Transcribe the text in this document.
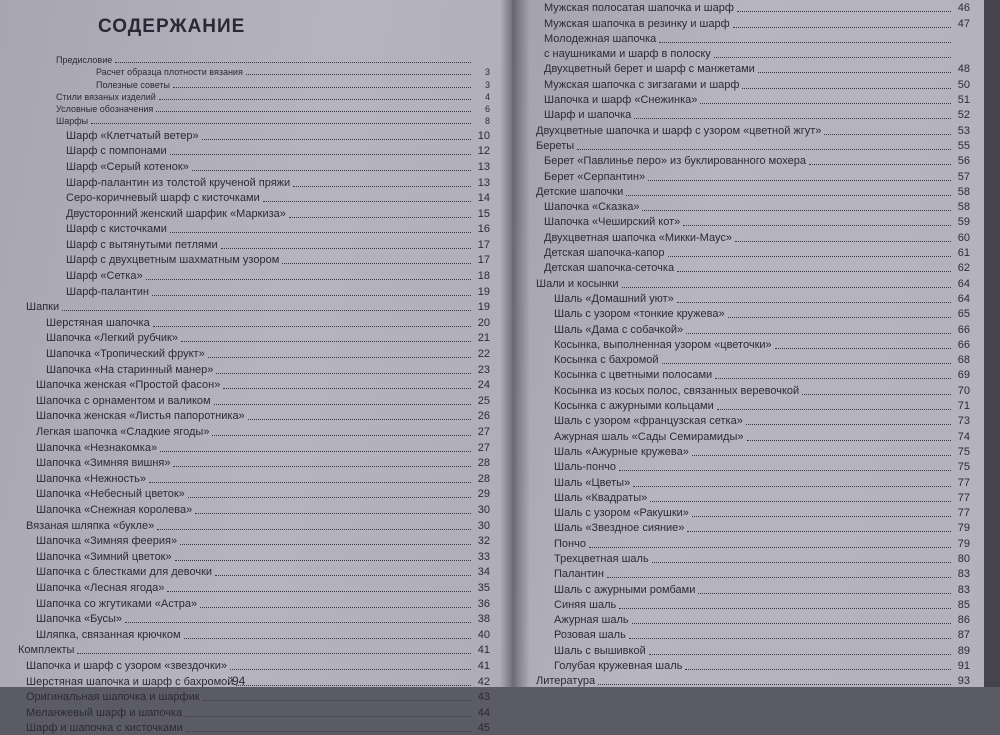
СОДЕРЖАНИЕ
Предисловие
Расчет образца плотности вязания	3
Полезные советы	3
Стили вязаных изделий	4
Условные обозначения	6
Шарфы	8
Шарф «Клетчатый ветер»	10
Шарф с помпонами	12
Шарф «Серый котенок»	13
Шарф-палантин из толстой крученой пряжи	13
Серо-коричневый шарф с кисточками	14
Двусторонний женский шарфик «Маркиза»	15
Шарф с кисточками	16
Шарф с вытянутыми петлями	17
Шарф с двухцветным шахматным узором	17
Шарф «Сетка»	18
Шарф-палантин	19
Шапки	19
Шерстяная шапочка	20
Шапочка «Легкий рубчик»	21
Шапочка «Тропический фрукт»	22
Шапочка «На старинный манер»	23
Шапочка женская «Простой фасон»	24
Шапочка с орнаментом и валиком	25
Шапочка женская «Листья папоротника»	26
Легкая шапочка «Сладкие ягоды»	27
Шапочка «Незнакомка»	27
Шапочка «Зимняя вишня»	28
Шапочка «Нежность»	28
Шапочка «Небесный цветок»	29
Шапочка «Снежная королева»	30
Вязаная шляпка «букле»	30
Шапочка «Зимняя феерия»	32
Шапочка «Зимний цветок»	33
Шапочка с блестками для девочки	34
Шапочка «Лесная ягода»	35
Шапочка со жгутиками «Астра»	36
Шапочка «Бусы»	38
Шляпка, связанная крючком	40
Комплекты	41
Шапочка и шарф с узором «звездочки»	41
Шерстяная шапочка и шарф с бахромой	42
Оригинальная шапочка и шарфик	43
Меланжевый шарф и шапочка	44
Шарф и шапочка с кисточками	45
94
Мужская полосатая шапочка и шарф	46
Мужская шапочка в резинку и шарф	47
Молодежная шапочка
с наушниками и шарф в полоску
Двухцветный берет и шарф с манжетами	48
Мужская шапочка с зигзагами и шарф	50
Шапочка и шарф «Снежинка»	51
Шарф и шапочка	52
Двухцветные шапочка и шарф с узором «цветной жгут»	53
Береты	55
Берет «Павлинье перо» из буклированного мохера	56
Берет «Серпантин»	57
Детские шапочки	58
Шапочка «Сказка»	58
Шапочка «Чеширский кот»	59
Двухцветная шапочка «Микки-Маус»	60
Детская шапочка-капор	61
Детская шапочка-сеточка	62
Шали и косынки	64
Шаль «Домашний уют»	64
Шаль с узором «тонкие кружева»	65
Шаль «Дама с собачкой»	66
Косынка, выполненная узором «цветочки»	66
Косынка с бахромой	68
Косынка с цветными полосами	69
Косынка из косых полос, связанных веревочкой	70
Косынка с ажурными кольцами	71
Шаль с узором «французская сетка»	73
Ажурная шаль «Сады Семирамиды»	74
Шаль «Ажурные кружева»	75
Шаль-пончо	75
Шаль «Цветы»	77
Шаль «Квадраты»	77
Шаль с узором «Ракушки»	77
Шаль «Звездное сияние»	79
Пончо	79
Трехцветная шаль	80
Палантин	83
Шаль с ажурными ромбами	83
Синяя шаль	85
Ажурная шаль	86
Розовая шаль	87
Шаль с вышивкой	89
Голубая кружевная шаль	91
Литература	93
